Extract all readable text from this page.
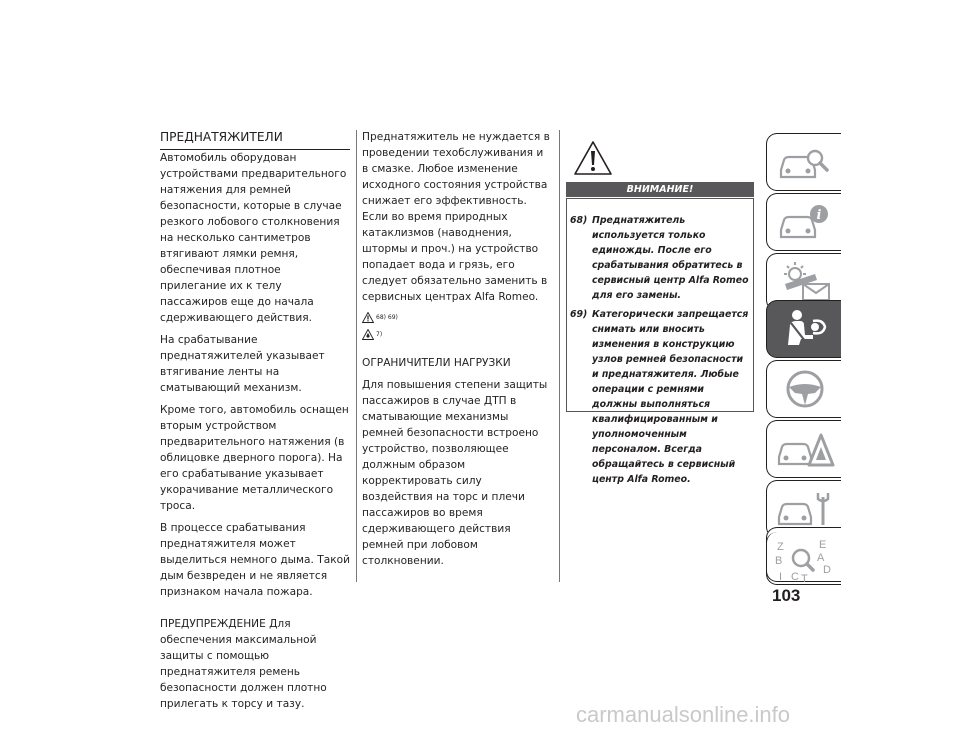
ПРЕДНАТЯЖИТЕЛИ

Автомобиль оборудован устройствами предварительного натяжения для ремней безопасности, которые в случае резкого лобового столкновения на несколько сантиметров втягивают лямки ремня, обеспечивая плотное прилегание их к телу пассажиров еще до начала сдерживающего действия.

На срабатывание преднатяжителей указывает втягивание ленты на сматывающий механизм.

Кроме того, автомобиль оснащен вторым устройством предварительного натяжения (в облицовке дверного порога). На его срабатывание указывает укорачивание металлического троса.

В процессе срабатывания преднатяжителя может выделиться немного дыма. Такой дым безвреден и не является признаком начала пожара.

ПРЕДУПРЕЖДЕНИЕ Для обеспечения максимальной защиты с помощью преднатяжителя ремень безопасности должен плотно прилегать к торсу и тазу.

Преднатяжитель не нуждается в проведении техобслуживания и в смазке. Любое изменение исходного состояния устройства снижает его эффективность. Если во время природных катаклизмов (наводнения, штормы и проч.) на устройство попадает вода и грязь, его следует обязательно заменить в сервисных центрах Alfa Romeo.

68) 69)

7)

ОГРАНИЧИТЕЛИ НАГРУЗКИ

Для повышения степени защиты пассажиров в случае ДТП в сматывающие механизмы ремней безопасности встроено устройство, позволяющее должным образом корректировать силу воздействия на торс и плечи пассажиров во время сдерживающего действия ремней при лобовом столкновении.

ВНИМАНИЕ!
68) Преднатяжитель используется только единожды. После его срабатывания обратитесь в сервисный центр Alfa Romeo для его замены.
69) Категорически запрещается снимать или вносить изменения в конструкцию узлов ремней безопасности и преднатяжителя. Любые операции с ремнями должны выполняться квалифицированным и уполномоченным персоналом. Всегда обращайтесь в сервисный центр Alfa Romeo.
i
Z	E
B	A
I C T
D
103
carmanualsonline.info
